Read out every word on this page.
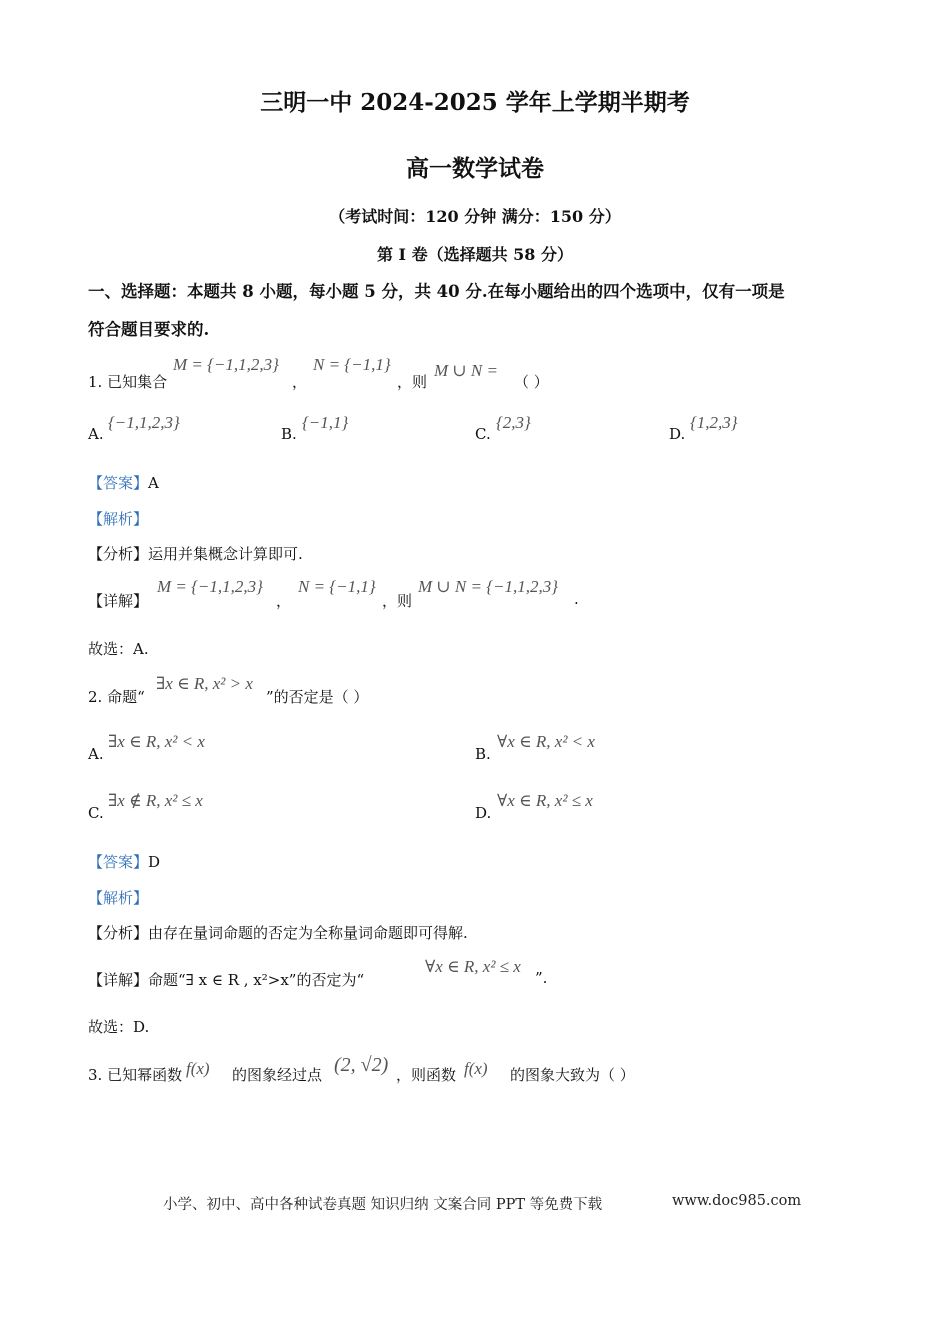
三明一中 2024-2025 学年上学期半期考
高一数学试卷
（考试时间：120 分钟 满分：150 分）
第 I 卷（选择题共 58 分）
一、选择题：本题共 8 小题，每小题 5 分，共 40 分.在每小题给出的四个选项中，仅有一项是
符合题目要求的.
1. 已知集合
M = {−1,1,2,3}
，
N = {−1,1}
，则
M ∪ N =
（ ）
A.
{−1,1,2,3}
B.
{−1,1}
C.
{2,3}
D.
{1,2,3}
【答案】A
【解析】
【分析】运用并集概念计算即可.
【详解】
M = {−1,1,2,3}
，
N = {−1,1}
，则
M ∪ N = {−1,1,2,3}
.
故选：A.
2. 命题“
∃x ∈ R, x² > x
”的否定是（ ）
A.
∃x ∈ R, x² < x
B.
∀x ∈ R, x² < x
C.
∃x ∉ R, x² ≤ x
D.
∀x ∈ R, x² ≤ x
【答案】D
【解析】
【分析】由存在量词命题的否定为全称量词命题即可得解.
【详解】命题“∃ x ∈ R , x²>x”的否定为“
∀x ∈ R, x² ≤ x
”.
故选：D.
3. 已知幂函数 f(x) 的图象经过点 (2, √2) ，则函数 f(x) 的图象大致为（ ）
小学、初中、高中各种试卷真题 知识归纳 文案合同 PPT 等免费下载	www.doc985.com
